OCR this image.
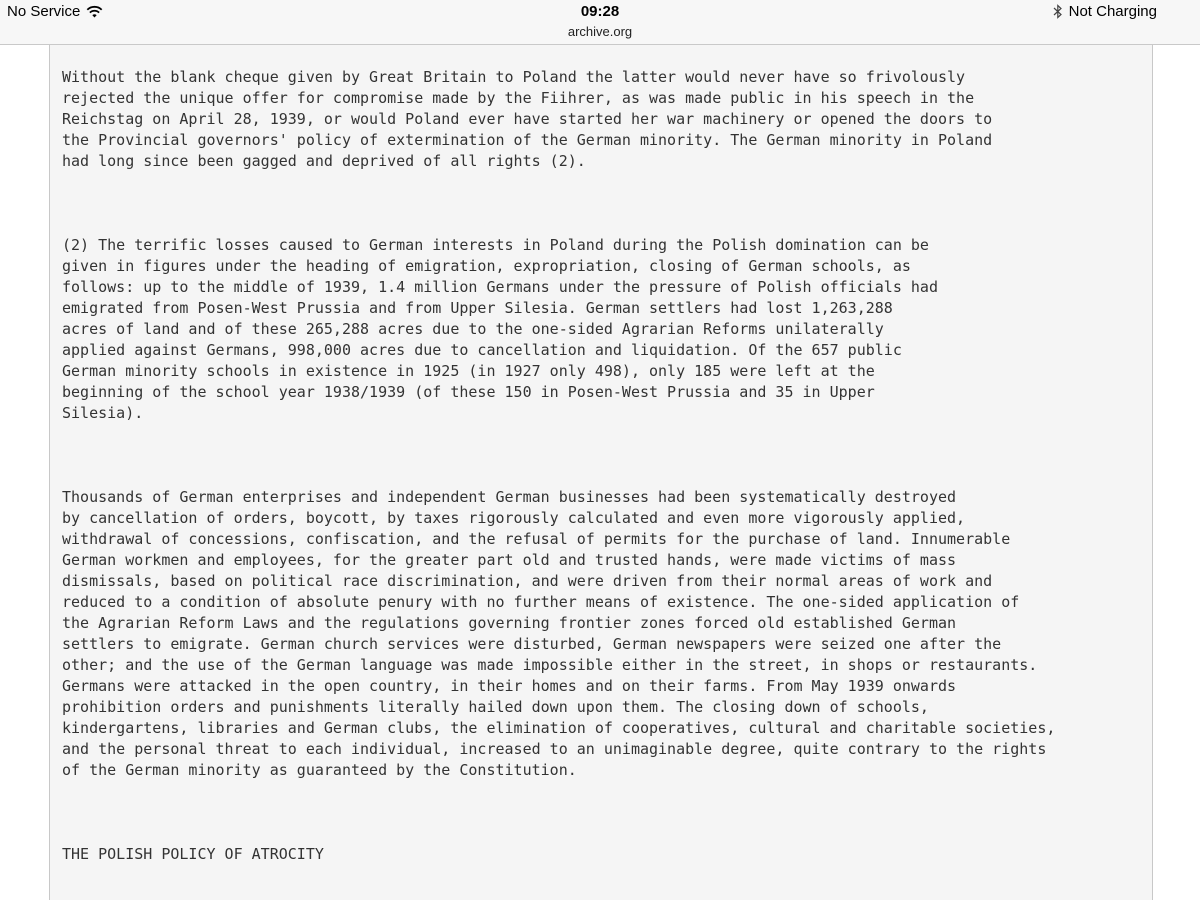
No Service	09:28	Not Charging
archive.org
Without the blank cheque given by Great Britain to Poland the latter would never have so frivolously
rejected the unique offer for compromise made by the Fiihrer, as was made public in his speech in the
Reichstag on April 28, 1939, or would Poland ever have started her war machinery or opened the doors to
the Provincial governors' policy of extermination of the German minority. The German minority in Poland
had long since been gagged and deprived of all rights (2).

(2) The terrific losses caused to German interests in Poland during the Polish domination can be
given in figures under the heading of emigration, expropriation, closing of German schools, as
follows: up to the middle of 1939, 1.4 million Germans under the pressure of Polish officials had
emigrated from Posen-West Prussia and from Upper Silesia. German settlers had lost 1,263,288
acres of land and of these 265,288 acres due to the one-sided Agrarian Reforms unilaterally
applied against Germans, 998,000 acres due to cancellation and liquidation. Of the 657 public
German minority schools in existence in 1925 (in 1927 only 498), only 185 were left at the
beginning of the school year 1938/1939 (of these 150 in Posen-West Prussia and 35 in Upper
Silesia).

Thousands of German enterprises and independent German businesses had been systematically destroyed
by cancellation of orders, boycott, by taxes rigorously calculated and even more vigorously applied,
withdrawal of concessions, confiscation, and the refusal of permits for the purchase of land. Innumerable
German workmen and employees, for the greater part old and trusted hands, were made victims of mass
dismissals, based on political race discrimination, and were driven from their normal areas of work and
reduced to a condition of absolute penury with no further means of existence. The one-sided application of
the Agrarian Reform Laws and the regulations governing frontier zones forced old established German
settlers to emigrate. German church services were disturbed, German newspapers were seized one after the
other; and the use of the German language was made impossible either in the street, in shops or restaurants.
Germans were attacked in the open country, in their homes and on their farms. From May 1939 onwards
prohibition orders and punishments literally hailed down upon them. The closing down of schools,
kindergartens, libraries and German clubs, the elimination of cooperatives, cultural and charitable societies,
and the personal threat to each individual, increased to an unimaginable degree, quite contrary to the rights
of the German minority as guaranteed by the Constitution.

THE POLISH POLICY OF ATROCITY
